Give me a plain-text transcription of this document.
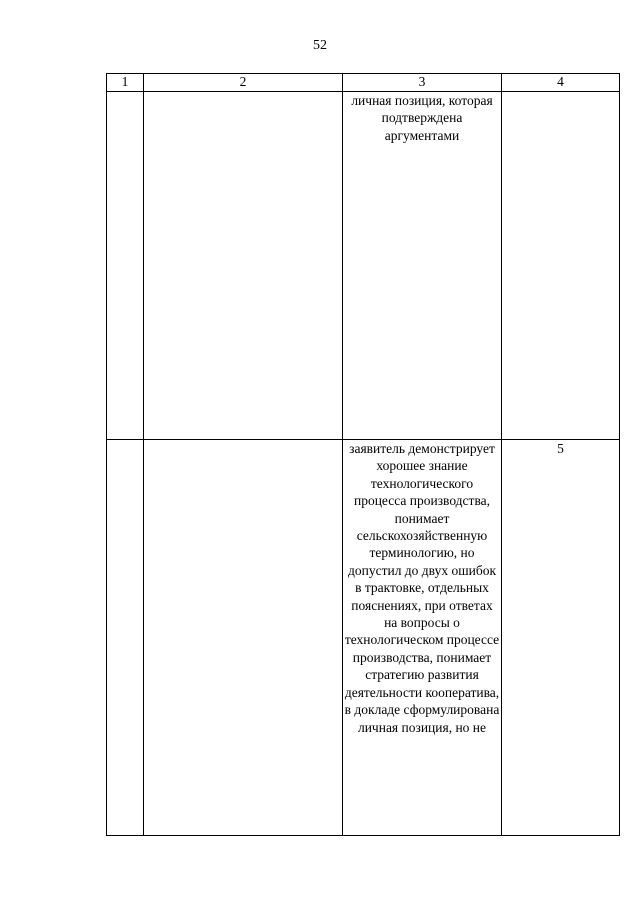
52
1	2	3	4
		личная позиция, которая подтверждена аргументами	
		заявитель демонстрирует хорошее знание технологического процесса производства, понимает сельскохозяйственную терминологию, но допустил до двух ошибок в трактовке, отдельных пояснениях, при ответах на вопросы о технологическом процессе производства, понимает стратегию развития деятельности кооператива, в докладе сформулирована личная позиция, но не	5
